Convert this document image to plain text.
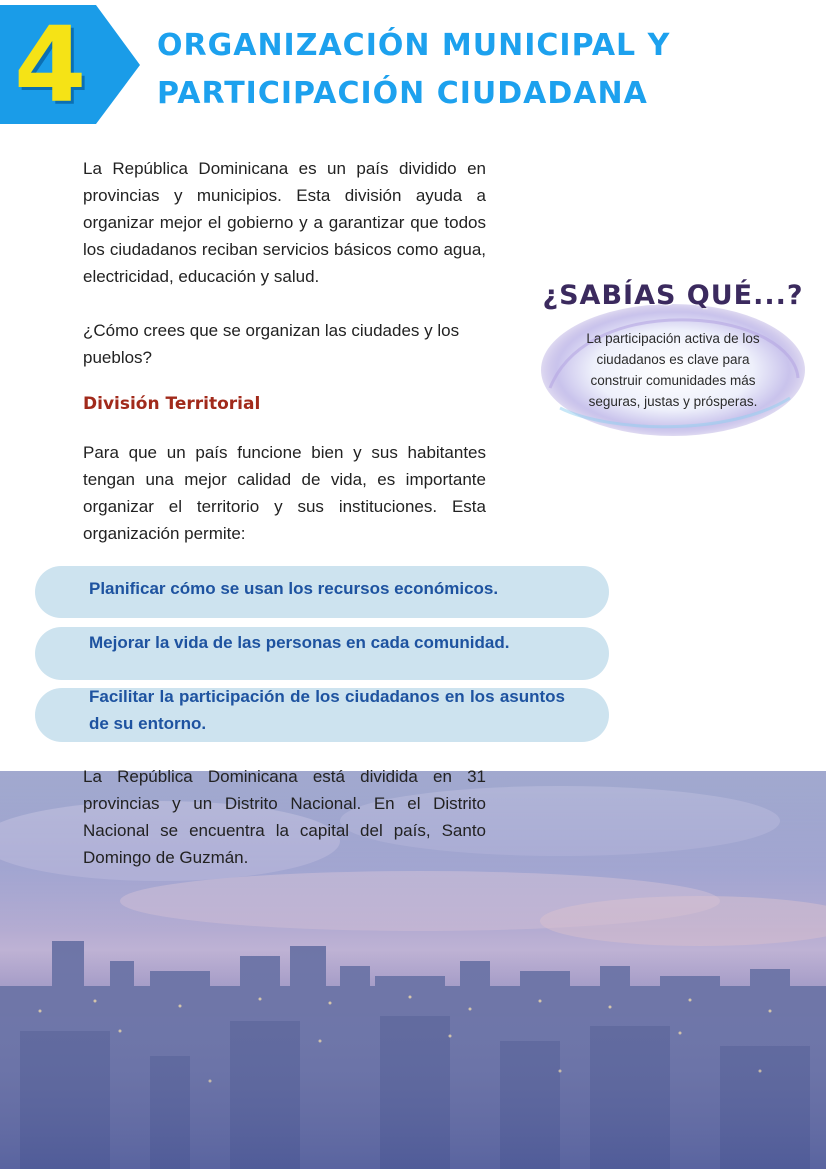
4 ORGANIZACIÓN MUNICIPAL Y
PARTICIPACIÓN CIUDADANA

La República Dominicana es un país dividido en provincias y municipios. Esta división ayuda a organizar mejor el gobierno y a garantizar que todos los ciudadanos reciban servicios básicos como agua, electricidad, educación y salud.

¿Cómo crees que se organizan las ciudades y los pueblos?

División Territorial

Para que un país funcione bien y sus habitantes tengan una mejor calidad de vida, es importante organizar el territorio y sus instituciones. Esta organización permite:

Planificar cómo se usan los recursos económicos.
Mejorar la vida de las personas en cada comunidad.
Facilitar la participación de los ciudadanos en los asuntos de su entorno.
¿SABÍAS QUÉ...?
La participación activa de los ciudadanos es clave para construir comunidades más seguras, justas y prósperas.

La República Dominicana está dividida en 31 provincias y un Distrito Nacional. En el Distrito Nacional se encuentra la capital del país, Santo Domingo de Guzmán.
